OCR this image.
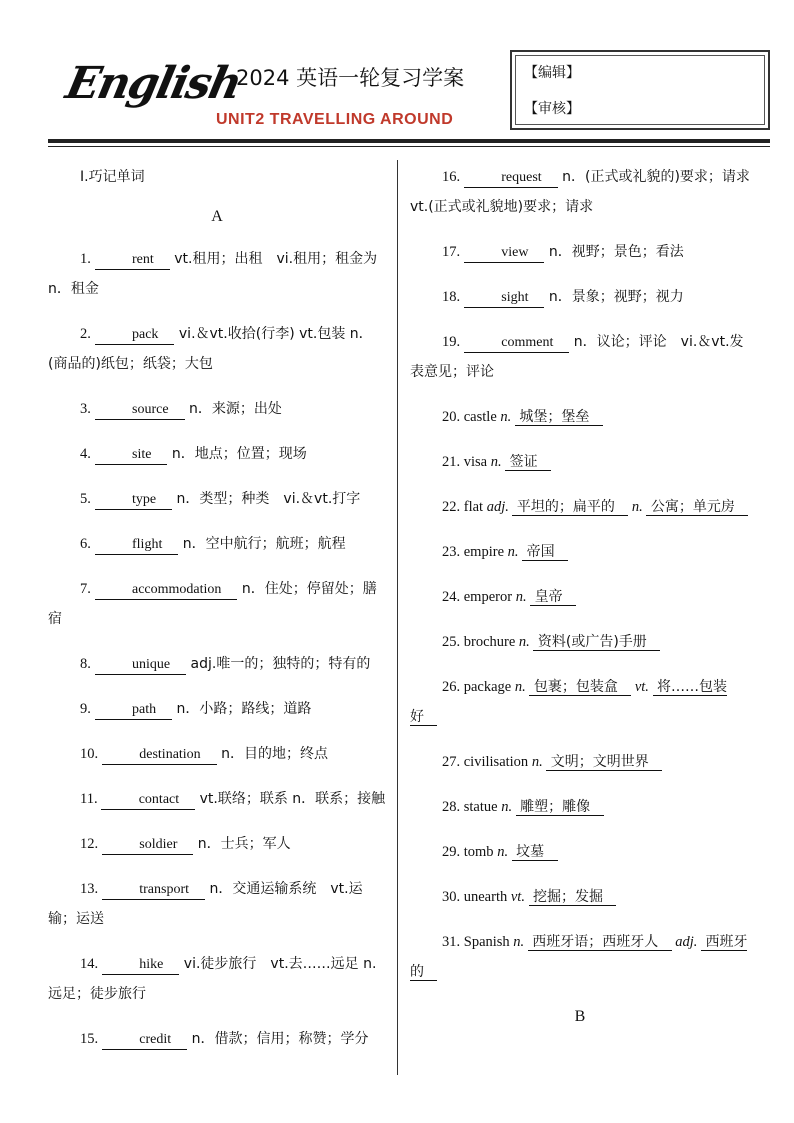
English
2024 英语一轮复习学案
UNIT2 TRAVELLING AROUND
【编辑】
【审核】
Ⅰ.巧记单词
A
1.  rent     vt.租用；出租　vi.租用；租金为 n．租金
2.  pack     vi.＆vt.收拾(行李) vt.包装 n．(商品的)纸包；纸袋；大包
3.  source     n．来源；出处
4.  site     n．地点；位置；现场
5.  type     n．类型；种类　vi.＆vt.打字
6.  flight     n．空中航行；航班；航程
7.  accommodation     n．住处；停留处；膳宿
8.  unique     adj.唯一的；独特的；特有的
9.  path     n．小路；路线；道路
10.  destination     n．目的地；终点
11.  contact     vt.联络；联系 n．联系；接触
12.  soldier     n．士兵；军人
13.  transport     n．交通运输系统　vt.运输；运送
14.  hike     vi.徒步旅行　vt.去……远足 n.远足；徒步旅行
15.  credit     n．借款；信用；称赞；学分
16.  request     n．(正式或礼貌的)要求；请求 vt.(正式或礼貌地)要求；请求
17.  view     n．视野；景色；看法
18.  sight     n．景象；视野；视力
19.  comment     n．议论；评论　vi.＆vt.发表意见；评论
20. castle n.  城堡；堡垒
21. visa n.  签证
22. flat adj.  平坦的；扁平的    n.  公寓；单元房
23. empire n.  帝国
24. emperor n.  皇帝
25. brochure n.  资料(或广告)手册
26. package n.  包裹；包装盒    vt.  将……包装好
27. civilisation n.  文明；文明世界
28. statue n.  雕塑；雕像
29. tomb n.  坟墓
30. unearth vt.  挖掘；发掘
31. Spanish n.  西班牙语；西班牙人    adj.  西班牙的
B
